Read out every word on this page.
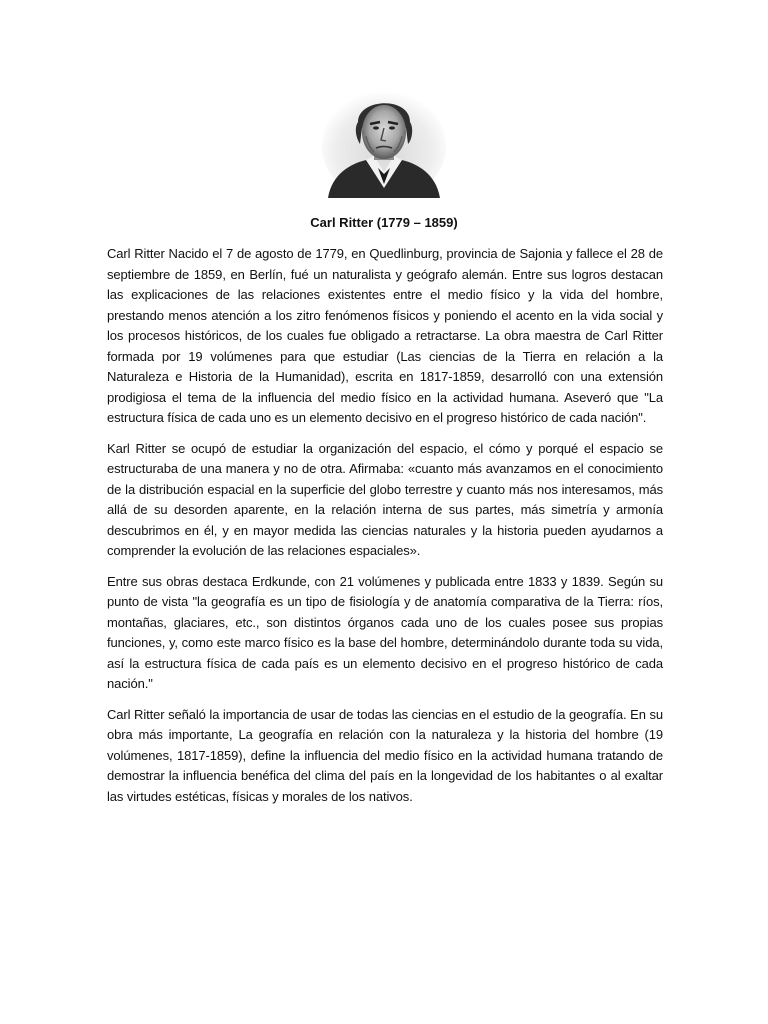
Carl Ritter (1779 – 1859)

Carl Ritter Nacido el 7 de agosto de 1779, en Quedlinburg, provincia de Sajonia y fallece el 28 de septiembre de 1859, en Berlín, fué un naturalista y geógrafo alemán. Entre sus logros destacan las explicaciones de las relaciones existentes entre el medio físico y la vida del hombre, prestando menos atención a los zitro fenómenos físicos y poniendo el acento en la vida social y los procesos históricos, de los cuales fue obligado a retractarse. La obra maestra de Carl Ritter formada por 19 volúmenes para que estudiar (Las ciencias de la Tierra en relación a la Naturaleza e Historia de la Humanidad), escrita en 1817-1859, desarrolló con una extensión prodigiosa el tema de la influencia del medio físico en la actividad humana. Aseveró que "La estructura física de cada uno es un elemento decisivo en el progreso histórico de cada nación".

Karl Ritter se ocupó de estudiar la organización del espacio, el cómo y porqué el espacio se estructuraba de una manera y no de otra. Afirmaba: «cuanto más avanzamos en el conocimiento de la distribución espacial en la superficie del globo terrestre y cuanto más nos interesamos, más allá de su desorden aparente, en la relación interna de sus partes, más simetría y armonía descubrimos en él, y en mayor medida las ciencias naturales y la historia pueden ayudarnos a comprender la evolución de las relaciones espaciales».

Entre sus obras destaca Erdkunde, con 21 volúmenes y publicada entre 1833 y 1839. Según su punto de vista "la geografía es un tipo de fisiología y de anatomía comparativa de la Tierra: ríos, montañas, glaciares, etc., son distintos órganos cada uno de los cuales posee sus propias funciones, y, como este marco físico es la base del hombre, determinándolo durante toda su vida, así la estructura física de cada país es un elemento decisivo en el progreso histórico de cada nación."

Carl Ritter señaló la importancia de usar de todas las ciencias en el estudio de la geografía. En su obra más importante, La geografía en relación con la naturaleza y la historia del hombre (19 volúmenes, 1817-1859), define la influencia del medio físico en la actividad humana tratando de demostrar la influencia benéfica del clima del país en la longevidad de los habitantes o al exaltar las virtudes estéticas, físicas y morales de los nativos.
